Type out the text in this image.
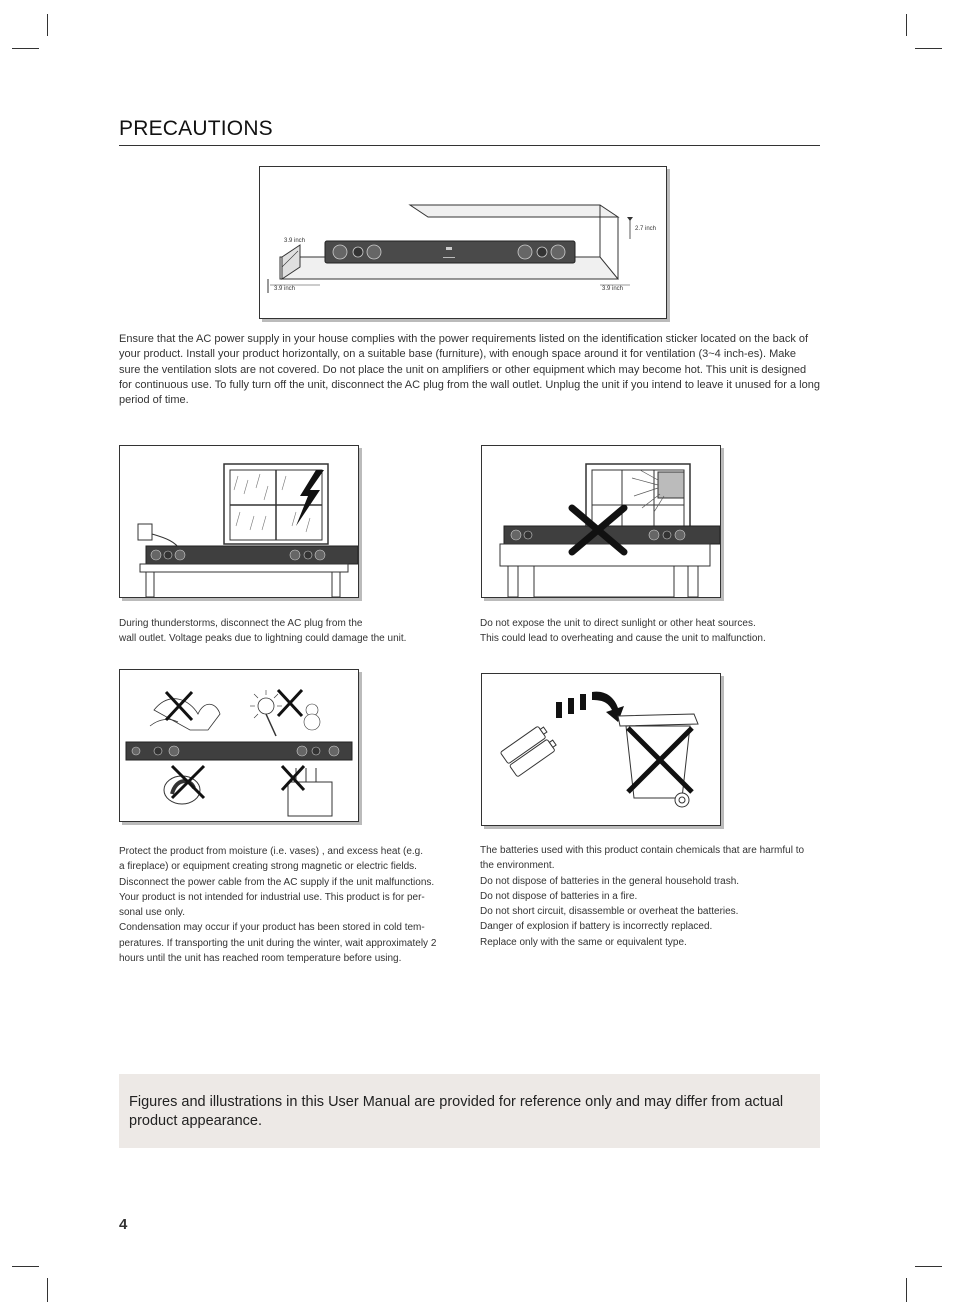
PRECAUTIONS
3.9 inch
2.7 inch
3.9 inch	3.9 inch

Ensure that the AC power supply in your house complies with the power requirements listed on the identification sticker located on the back of your product. Install your product horizontally, on a suitable base (furniture), with enough space around it for ventilation (3~4 inch-es). Make sure the ventilation slots are not covered. Do not place the unit on amplifiers or other equipment which may become hot. This unit is designed for continuous use. To fully turn off the unit, disconnect the AC plug from the wall outlet. Unplug the unit if you intend to leave it unused for a long period of time.

During thunderstorms, disconnect the AC plug from the

wall outlet. Voltage peaks due to lightning could damage the unit.

Do not expose the unit to direct sunlight or other heat sources.

This could lead to overheating and cause the unit to malfunction.

Protect the product from moisture (i.e. vases) , and excess heat (e.g.

a fireplace) or equipment creating strong magnetic or electric fields.

Disconnect the power cable from the AC supply if the unit malfunctions.

Your product is not intended for industrial use. This product is for per-

sonal use only.

Condensation may occur if your product has been stored in cold tem-

peratures. If transporting the unit during the winter, wait approximately 2

hours until the unit has reached room temperature before using.

The batteries used with this product contain chemicals that are harmful to

the environment.

Do not dispose of batteries in the general household trash.

Do not dispose of batteries in a fire.

Do not short circuit, disassemble or overheat the batteries.

Danger of explosion if battery is incorrectly replaced.

Replace only with the same or equivalent type.

Figures and illustrations in this User Manual are provided for reference only and may differ from actual product appearance.
4
